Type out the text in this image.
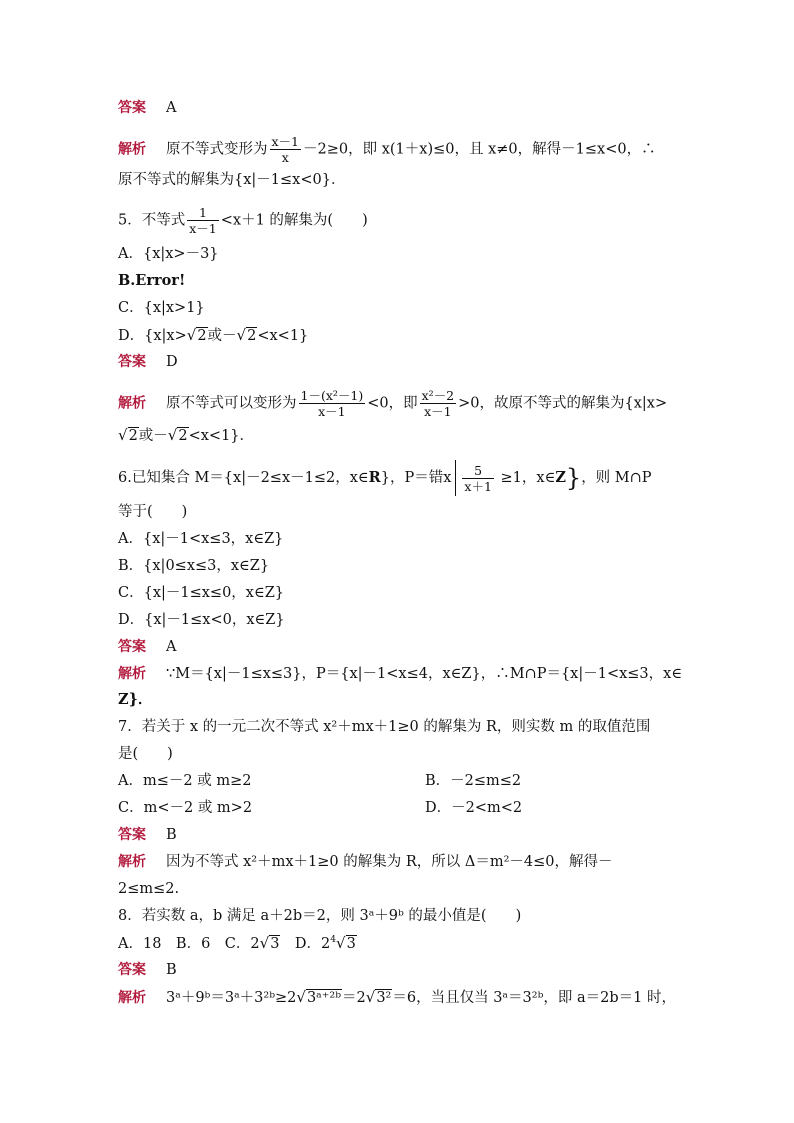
答案 A
解析 原不等式变形为 $\frac{x-1}{x} -2\ge 0$，即 x(1＋x)≤0，且 x≠0，解得－1≤x<0，∴
原不等式的解集为{x|－1≤x<0}．
5．不等式 $\frac{1}{x-1} <x+1$ 的解集为(　　)
A．{x|x>－3}
B.Error!
C．{x|x>1}
D．{x|x>√2或－√2<x<1}
答案 D
解析 原不等式可以变形为 $\frac{\text{1－(x²－1)}}{x-1} <0$，即 $\frac{\text{x²－2}}{x-1} >0$，故原不等式的解集为{x|x>
√2或－√2<x<1}．
6.已知集合 M＝{x|－2≤x－1≤2，x∈R}，P＝错x $\frac{5}{x+1} \ge 1$，x∈Z}，则 M∩P
等于(　　)
A．{x|－1<x≤3，x∈Z}
B．{x|0≤x≤3，x∈Z}
C．{x|－1≤x≤0，x∈Z}
D．{x|－1≤x<0，x∈Z}
答案 A
解析 ∵M＝{x|－1≤x≤3}，P＝{x|－1<x≤4，x∈Z}，∴M∩P＝{x|－1<x≤3，x∈
Z}．
7．若关于 x 的一元二次不等式 x²＋mx＋1≥0 的解集为 R，则实数 m 的取值范围
是(　　)
A．m≤－2 或 m≥2	B．－2≤m≤2
C．m<－2 或 m>2	D．－2<m<2
答案 B
解析 因为不等式 x²＋mx＋1≥0 的解集为 R，所以 Δ＝m²－4≤0，解得－
2≤m≤2.
8．若实数 a，b 满足 a＋2b＝2，则 3ᵃ＋9ᵇ 的最小值是(　　)
A．18　B．6　C．2√3　D．$2^4√3$
答案 B
解析 3ᵃ＋9ᵇ＝3ᵃ＋3²ᵇ≥2√3ᵃ⁺²ᵇ＝2√3²＝6，当且仅当 3ᵃ＝3²ᵇ，即 a＝2b＝1 时，
